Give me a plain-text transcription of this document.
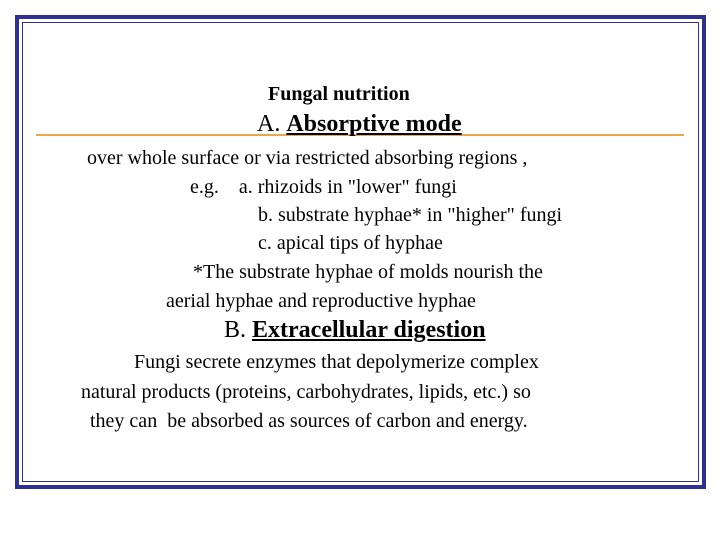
Fungal nutrition
A. Absorptive mode
over whole surface or via restricted absorbing regions ,
e.g.    a. rhizoids in "lower" fungi
b. substrate hyphae* in "higher" fungi
c. apical tips of hyphae
*The substrate hyphae of molds nourish the
aerial hyphae and reproductive hyphae
B. Extracellular digestion
Fungi secrete enzymes that depolymerize complex
natural products (proteins, carbohydrates, lipids, etc.) so
they can  be absorbed as sources of carbon and energy.
